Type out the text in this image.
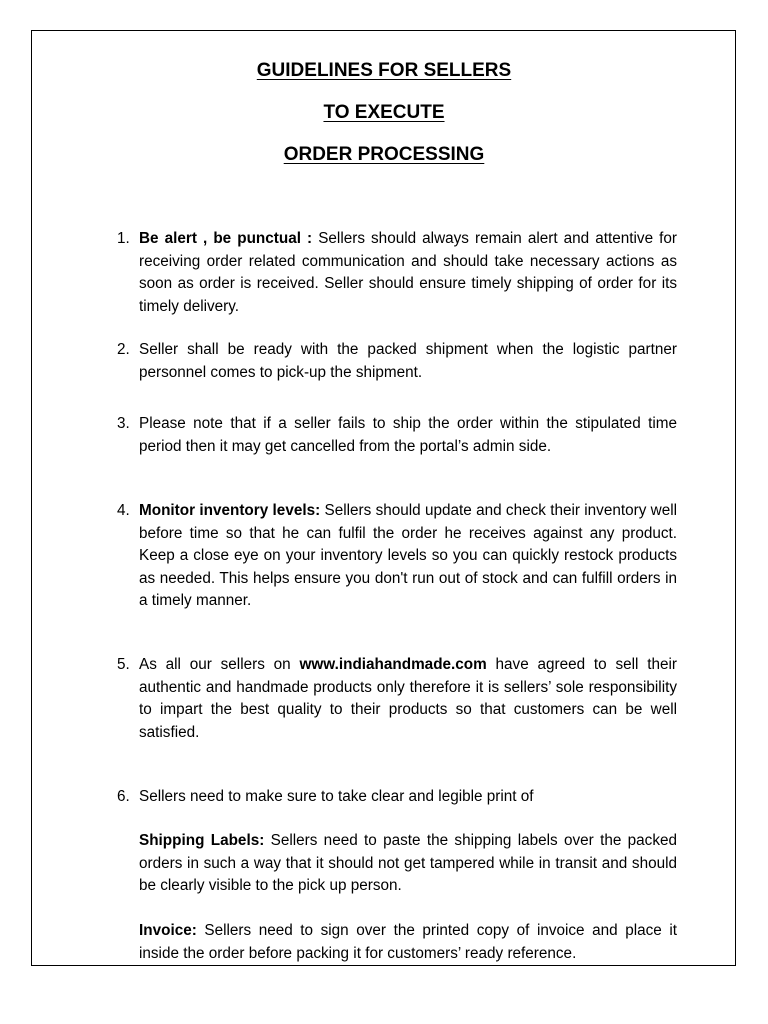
GUIDELINES FOR SELLERS
TO EXECUTE
ORDER PROCESSING
1. Be alert , be punctual : Sellers should always remain alert and attentive for receiving order related communication and should take necessary actions as soon as order is received. Seller should ensure timely shipping of order for its timely delivery.
2. Seller shall be ready with the packed shipment when the logistic partner personnel comes to pick-up the shipment.
3. Please note that if a seller fails to ship the order within the stipulated time period then it may get cancelled from the portal’s admin side.
4. Monitor inventory levels: Sellers should update and check their inventory well before time so that he can fulfil the order he receives against any product. Keep a close eye on your inventory levels so you can quickly restock products as needed. This helps ensure you don't run out of stock and can fulfill orders in a timely manner.
5. As all our sellers on www.indiahandmade.com have agreed to sell their authentic and handmade products only therefore it is sellers’ sole responsibility to impart the best quality to their products so that customers can be well satisfied.
6. Sellers need to make sure to take clear and legible print of
Shipping Labels: Sellers need to paste the shipping labels over the packed orders in such a way that it should not get tampered while in transit and should be clearly visible to the pick up person.
Invoice: Sellers need to sign over the printed copy of invoice and place it inside the order before packing it for customers’ ready reference.
